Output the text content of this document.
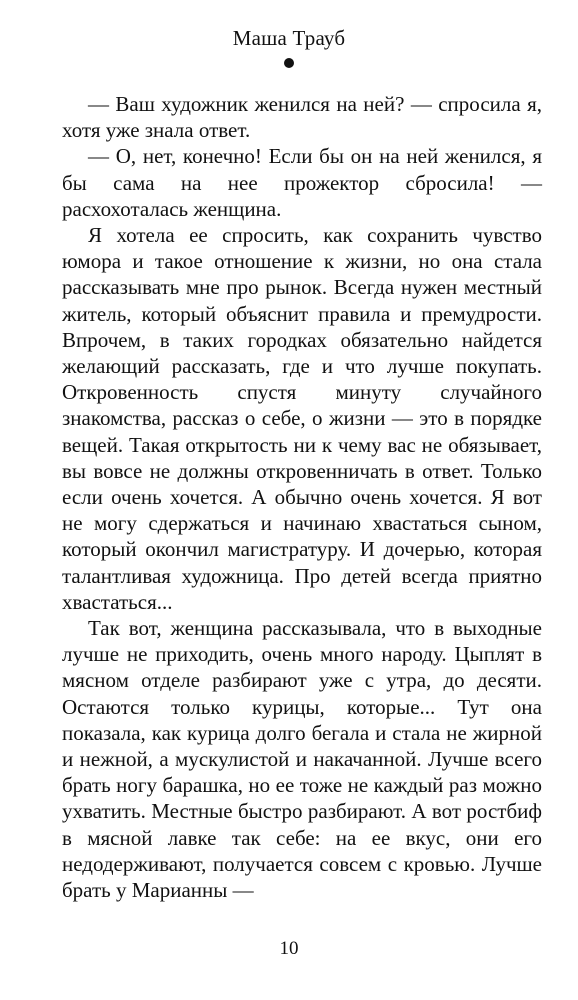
Маша Трауб

— Ваш художник женился на ней? — спросила я, хотя уже знала ответ.

— О, нет, конечно! Если бы он на ней женился, я бы сама на нее прожектор сбросила! — расхохоталась женщина.

Я хотела ее спросить, как сохранить чувство юмора и такое отношение к жизни, но она стала рассказывать мне про рынок. Всегда нужен местный житель, который объяснит правила и премудрости. Впрочем, в таких городках обязательно найдется желающий рассказать, где и что лучше покупать. Откровенность спустя минуту случайного знакомства, рассказ о себе, о жизни — это в порядке вещей. Такая открытость ни к чему вас не обязывает, вы вовсе не должны откровенничать в ответ. Только если очень хочется. А обычно очень хочется. Я вот не могу сдержаться и начинаю хвастаться сыном, который окончил магистратуру. И дочерью, которая талантливая художница. Про детей всегда приятно хвастаться...

Так вот, женщина рассказывала, что в выходные лучше не приходить, очень много народу. Цыплят в мясном отделе разбирают уже с утра, до десяти. Остаются только курицы, которые... Тут она показала, как курица долго бегала и стала не жирной и нежной, а мускулистой и накачанной. Лучше всего брать ногу барашка, но ее тоже не каждый раз можно ухватить. Местные быстро разбирают. А вот ростбиф в мясной лавке так себе: на ее вкус, они его недодерживают, получается совсем с кровью. Лучше брать у Марианны —

10
